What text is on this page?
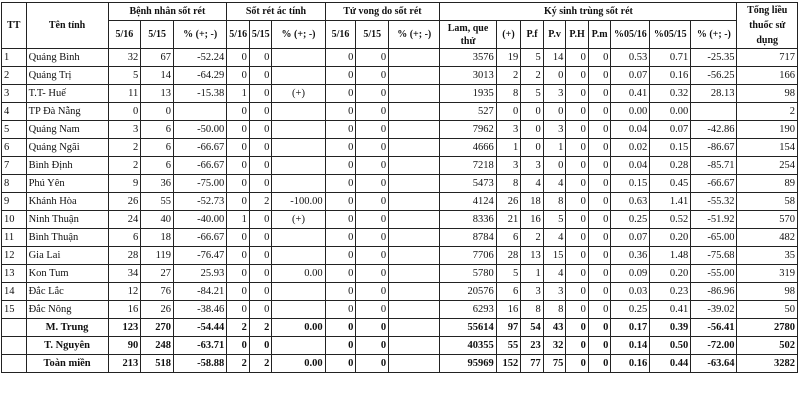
TT	Tên tỉnh	Bệnh nhân sốt rét			Sốt rét ác tính			Tử vong do sốt rét			Ký sinh trùng sốt rét									Tổng liều thuốc sử dụng
		5/16	5/15	% (+; -)	5/16	5/15	% (+; -)	5/16	5/15	% (+; -)	Lam, que thử	(+)	P.f	P.v	P.H	P.m	%05/16	%05/15	% (+; -)	
1	Quảng Bình	32	67	-52.24	0	0		0	0		3576	19	5	14	0	0	0.53	0.71	-25.35	717
2	Quảng Trị	5	14	-64.29	0	0		0	0		3013	2	2	0	0	0	0.07	0.16	-56.25	166
3	T.T- Huế	11	13	-15.38	1	0	(+)	0	0		1935	8	5	3	0	0	0.41	0.32	28.13	98
4	TP Đà Nẵng	0	0		0	0		0	0		527	0	0	0	0	0	0.00	0.00		2
5	Quảng Nam	3	6	-50.00	0	0		0	0		7962	3	0	3	0	0	0.04	0.07	-42.86	190
6	Quảng Ngãi	2	6	-66.67	0	0		0	0		4666	1	0	1	0	0	0.02	0.15	-86.67	154
7	Bình Định	2	6	-66.67	0	0		0	0		7218	3	3	0	0	0	0.04	0.28	-85.71	254
8	Phú Yên	9	36	-75.00	0	0		0	0		5473	8	4	4	0	0	0.15	0.45	-66.67	89
9	Khánh Hòa	26	55	-52.73	0	2	-100.00	0	0		4124	26	18	8	0	0	0.63	1.41	-55.32	58
10	Ninh Thuận	24	40	-40.00	1	0	(+)	0	0		8336	21	16	5	0	0	0.25	0.52	-51.92	570
11	Bình Thuận	6	18	-66.67	0	0		0	0		8784	6	2	4	0	0	0.07	0.20	-65.00	482
12	Gia Lai	28	119	-76.47	0	0		0	0		7706	28	13	15	0	0	0.36	1.48	-75.68	35
13	Kon Tum	34	27	25.93	0	0	0.00	0	0		5780	5	1	4	0	0	0.09	0.20	-55.00	319
14	Đắc Lắc	12	76	-84.21	0	0		0	0		20576	6	3	3	0	0	0.03	0.23	-86.96	98
15	Đắc Nông	16	26	-38.46	0	0		0	0		6293	16	8	8	0	0	0.25	0.41	-39.02	50
	M. Trung	123	270	-54.44	2	2	0.00	0	0		55614	97	54	43	0	0	0.17	0.39	-56.41	2780
	T. Nguyên	90	248	-63.71	0	0		0	0		40355	55	23	32	0	0	0.14	0.50	-72.00	502
	Toàn miền	213	518	-58.88	2	2	0.00	0	0		95969	152	77	75	0	0	0.16	0.44	-63.64	3282
